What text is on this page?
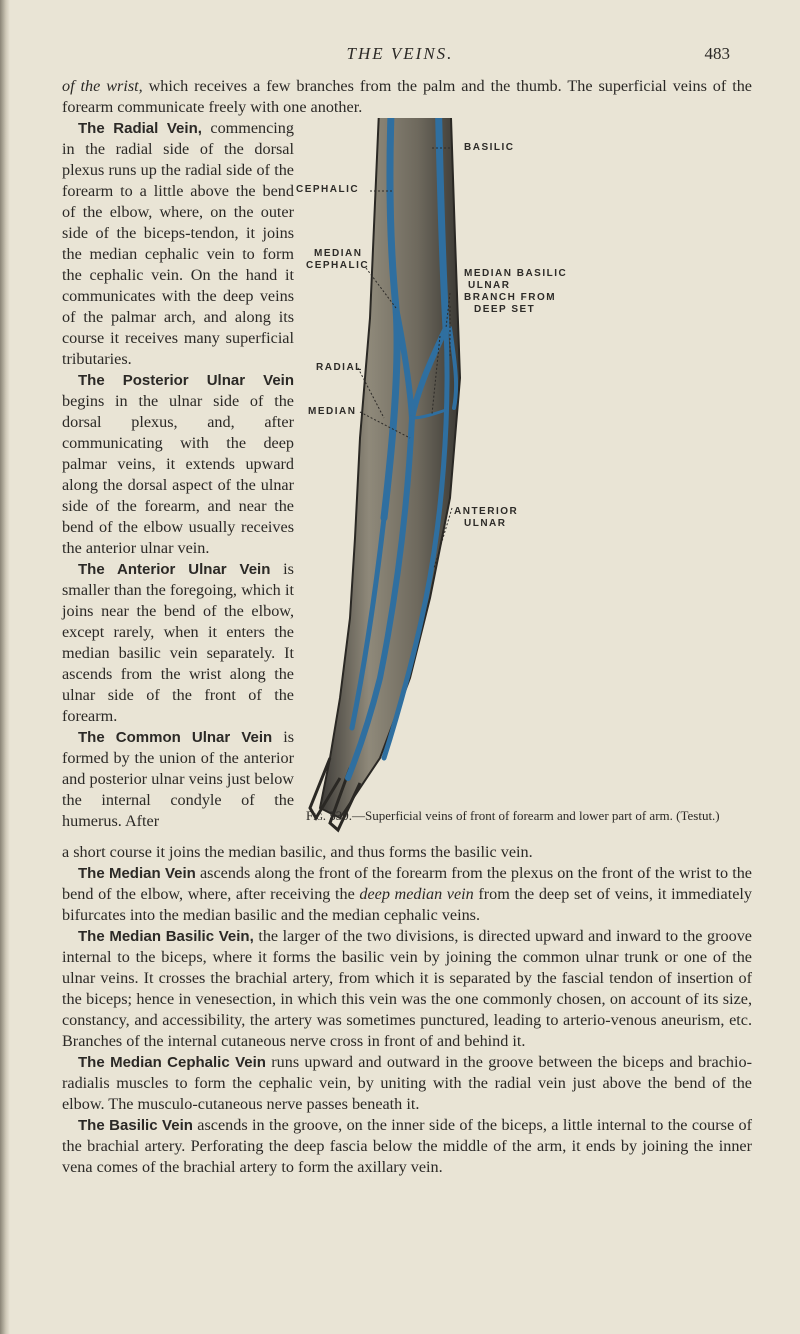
THE VEINS.	483

of the wrist, which receives a few branches from the palm and the thumb. The superficial veins of the forearm communicate freely with one another.

The Radial Vein, commencing in the radial side of the dorsal plexus runs up the radial side of the forearm to a little above the bend of the elbow, where, on the outer side of the biceps-tendon, it joins the median cephalic vein to form the cephalic vein. On the hand it communicates with the deep veins of the palmar arch, and along its course it receives many superficial tributaries.

The Posterior Ulnar Vein begins in the ulnar side of the dorsal plexus, and, after communicating with the deep palmar veins, it extends upward along the dorsal aspect of the ulnar side of the forearm, and near the bend of the elbow usually receives the anterior ulnar vein.

The Anterior Ulnar Vein is smaller than the foregoing, which it joins near the bend of the elbow, except rarely, when it enters the median basilic vein separately. It ascends from the wrist along the ulnar side of the front of the forearm.

The Common Ulnar Vein is formed by the union of the anterior and posterior ulnar veins just below the internal condyle of the humerus. After

BASILIC
CEPHALIC
MEDIAN
CEPHALIC
MEDIAN BASILIC
ULNAR
BRANCH FROM
DEEP SET
RADIAL
MEDIAN
ANTERIOR
ULNAR
Fig. 539.—Superficial veins of front of forearm and lower part of arm. (Testut.)

a short course it joins the median basilic, and thus forms the basilic vein.

The Median Vein ascends along the front of the forearm from the plexus on the front of the wrist to the bend of the elbow, where, after receiving the deep median vein from the deep set of veins, it immediately bifurcates into the median basilic and the median cephalic veins.

The Median Basilic Vein, the larger of the two divisions, is directed upward and inward to the groove internal to the biceps, where it forms the basilic vein by joining the common ulnar trunk or one of the ulnar veins. It crosses the brachial artery, from which it is separated by the fascial tendon of insertion of the biceps; hence in venesection, in which this vein was the one commonly chosen, on account of its size, constancy, and accessibility, the artery was sometimes punctured, leading to arterio-venous aneurism, etc. Branches of the internal cutaneous nerve cross in front of and behind it.

The Median Cephalic Vein runs upward and outward in the groove between the biceps and brachio-radialis muscles to form the cephalic vein, by uniting with the radial vein just above the bend of the elbow. The musculo-cutaneous nerve passes beneath it.

The Basilic Vein ascends in the groove, on the inner side of the biceps, a little internal to the course of the brachial artery. Perforating the deep fascia below the middle of the arm, it ends by joining the inner vena comes of the brachial artery to form the axillary vein.
